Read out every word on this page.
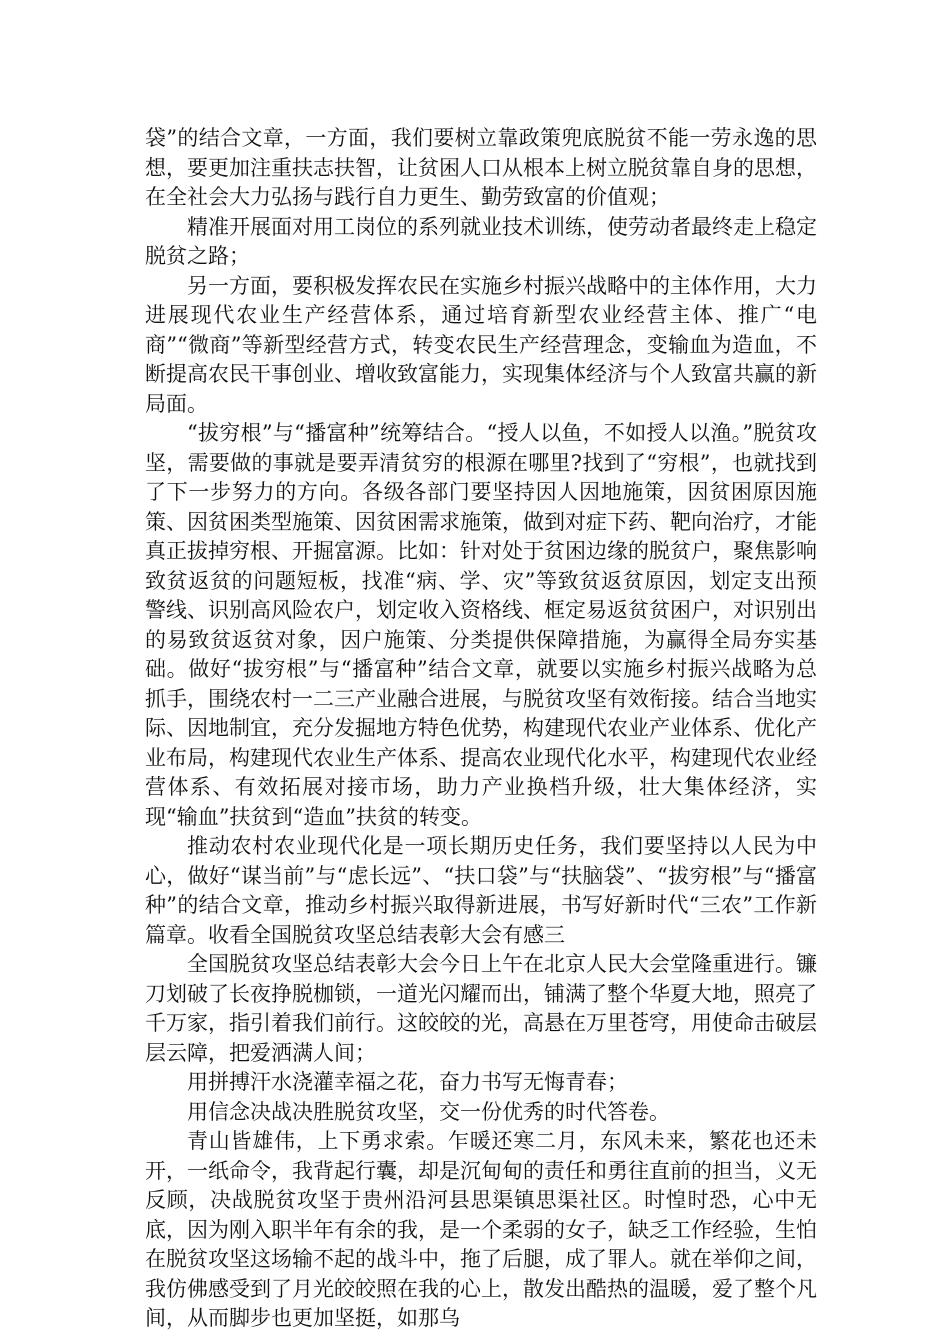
袋”的结合文章，一方面，我们要树立靠政策兜底脱贫不能一劳永逸的思想，要更加注重扶志扶智，让贫困人口从根本上树立脱贫靠自身的思想，在全社会大力弘扬与践行自力更生、勤劳致富的价值观；

精准开展面对用工岗位的系列就业技术训练，使劳动者最终走上稳定脱贫之路；

另一方面，要积极发挥农民在实施乡村振兴战略中的主体作用，大力进展现代农业生产经营体系，通过培育新型农业经营主体、推广“电商”“微商”等新型经营方式，转变农民生产经营理念，变输血为造血，不断提高农民干事创业、增收致富能力，实现集体经济与个人致富共赢的新局面。

“拔穷根”与“播富种”统筹结合。“授人以鱼，不如授人以渔。”脱贫攻坚，需要做的事就是要弄清贫穷的根源在哪里?找到了“穷根”，也就找到了下一步努力的方向。各级各部门要坚持因人因地施策，因贫困原因施策、因贫困类型施策、因贫困需求施策，做到对症下药、靶向治疗，才能真正拔掉穷根、开掘富源。比如：针对处于贫困边缘的脱贫户，聚焦影响致贫返贫的问题短板，找准“病、学、灾”等致贫返贫原因，划定支出预警线、识别高风险农户，划定收入资格线、框定易返贫贫困户，对识别出的易致贫返贫对象，因户施策、分类提供保障措施，为赢得全局夯实基础。做好“拔穷根”与“播富种”结合文章，就要以实施乡村振兴战略为总抓手，围绕农村一二三产业融合进展，与脱贫攻坚有效衔接。结合当地实际、因地制宜，充分发掘地方特色优势，构建现代农业产业体系、优化产业布局，构建现代农业生产体系、提高农业现代化水平，构建现代农业经营体系、有效拓展对接市场，助力产业换档升级，壮大集体经济，实现“输血”扶贫到“造血”扶贫的转变。

推动农村农业现代化是一项长期历史任务，我们要坚持以人民为中心，做好“谋当前”与“虑长远”、“扶口袋”与“扶脑袋”、“拔穷根”与“播富种”的结合文章，推动乡村振兴取得新进展，书写好新时代“三农”工作新篇章。收看全国脱贫攻坚总结表彰大会有感三

全国脱贫攻坚总结表彰大会今日上午在北京人民大会堂隆重进行。镰刀划破了长夜挣脱枷锁，一道光闪耀而出，铺满了整个华夏大地，照亮了千万家，指引着我们前行。这皎皎的光，高悬在万里苍穹，用使命击破层层云障，把爱洒满人间；

用拼搏汗水浇灌幸福之花，奋力书写无悔青春；

用信念决战决胜脱贫攻坚，交一份优秀的时代答卷。

青山皆雄伟，上下勇求索。乍暖还寒二月，东风未来，繁花也还未开，一纸命令，我背起行囊，却是沉甸甸的责任和勇往直前的担当，义无反顾，决战脱贫攻坚于贵州沿河县思渠镇思渠社区。时惶时恐，心中无底，因为刚入职半年有余的我，是一个柔弱的女子，缺乏工作经验，生怕在脱贫攻坚这场输不起的战斗中，拖了后腿，成了罪人。就在举仰之间，我仿佛感受到了月光皎皎照在我的心上，散发出酷热的温暖，爱了整个凡间，从而脚步也更加坚挺，如那乌
